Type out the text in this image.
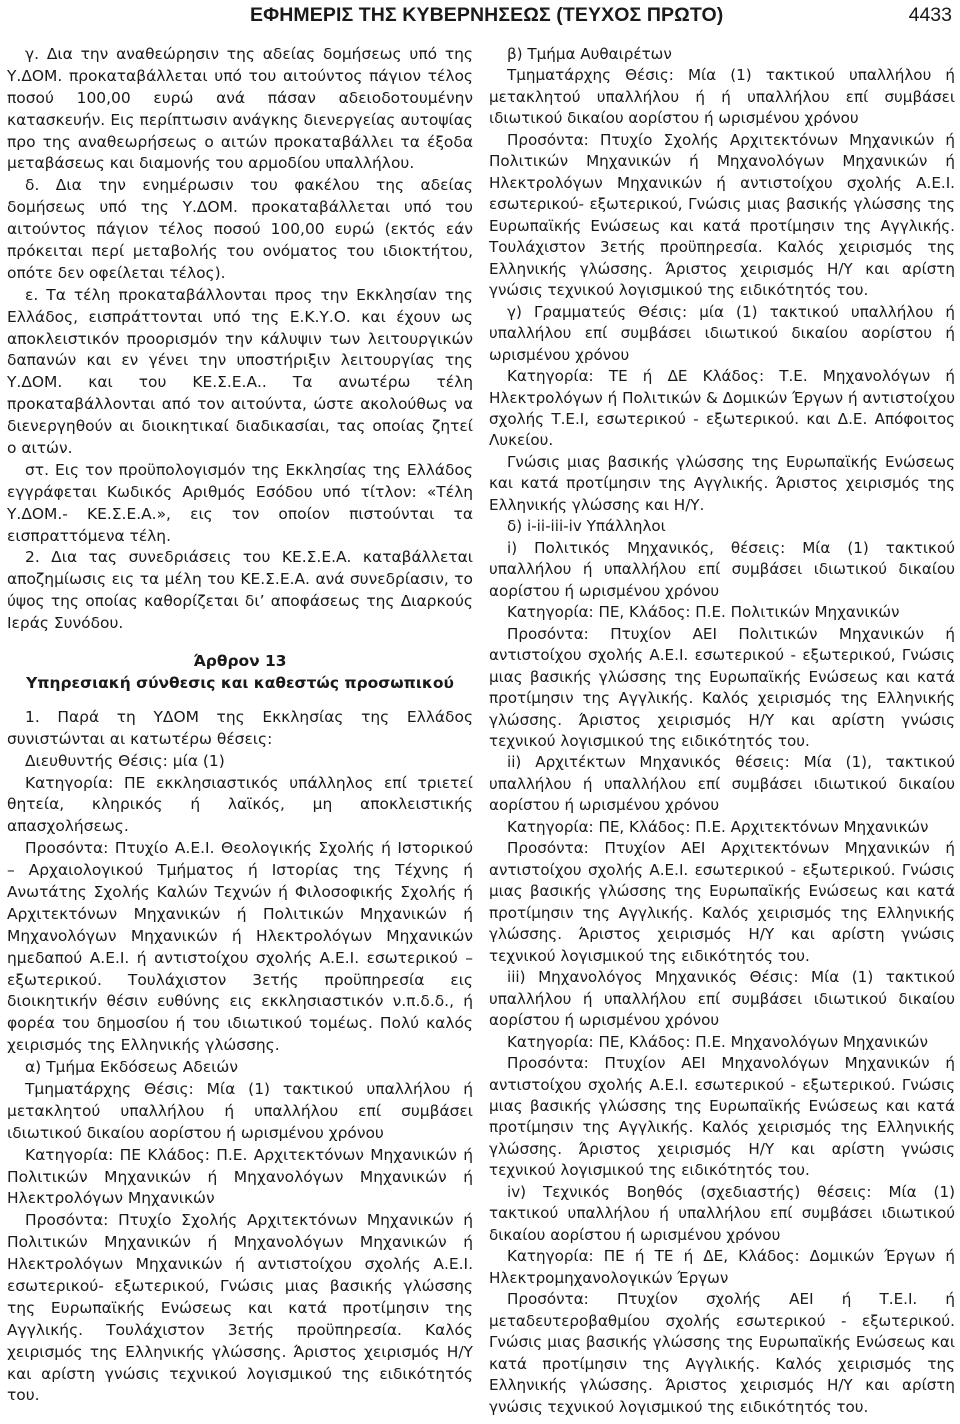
ΕΦΗΜΕΡΙΣ ΤΗΣ ΚΥΒΕΡΝΗΣΕΩΣ (ΤΕΥΧΟΣ ΠΡΩΤΟ)	4433

γ. Δια την αναθεώρησιν της αδείας δομήσεως υπό της Υ.ΔΟΜ. προκαταβάλλεται υπό του αιτούντος πάγιον τέλος ποσού 100,00 ευρώ ανά πάσαν αδειοδοτουμένην κατασκευήν. Εις περίπτωσιν ανάγκης διενεργείας αυτοψίας προ της αναθεωρήσεως ο αιτών προκαταβάλλει τα έξοδα μεταβάσεως και διαμονής του αρμοδίου υπαλλήλου.

δ. Δια την ενημέρωσιν του φακέλου της αδείας δομήσεως υπό της Υ.ΔΟΜ. προκαταβάλλεται υπό του αιτούντος πάγιον τέλος ποσού 100,00 ευρώ (εκτός εάν πρόκειται περί μεταβολής του ονόματος του ιδιοκτήτου, οπότε δεν οφείλεται τέλος).

ε. Τα τέλη προκαταβάλλονται προς την Εκκλησίαν της Ελλάδος, εισπράττονται υπό της Ε.Κ.Υ.Ο. και έχουν ως αποκλειστικόν προορισμόν την κάλυψιν των λειτουργικών δαπανών και εν γένει την υποστήριξιν λειτουργίας της Υ.ΔΟΜ. και του ΚΕ.Σ.Ε.Α.. Τα ανωτέρω τέλη προκαταβάλλονται από τον αιτούντα, ώστε ακολούθως να διενεργηθούν αι διοικητικαί διαδικασίαι, τας οποίας ζητεί ο αιτών.

στ. Εις τον προϋπολογισμόν της Εκκλησίας της Ελλάδος εγγράφεται Κωδικός Αριθμός Εσόδου υπό τίτλον: «Τέλη Υ.ΔΟΜ.- ΚΕ.Σ.Ε.Α.», εις τον οποίον πιστούνται τα εισπραττόμενα τέλη.

2. Δια τας συνεδριάσεις του ΚΕ.Σ.Ε.Α. καταβάλλεται αποζημίωσις εις τα μέλη του ΚΕ.Σ.Ε.Α. ανά συνεδρίασιν, το ύψος της οποίας καθορίζεται διʼ αποφάσεως της Διαρκούς Ιεράς Συνόδου.

Άρθρον 13

Υπηρεσιακή σύνθεσις και καθεστώς προσωπικού

1. Παρά τη ΥΔΟΜ της Εκκλησίας της Ελλάδος συνιστώνται αι κατωτέρω θέσεις:

Διευθυντής Θέσις: μία (1)

Κατηγορία: ΠΕ εκκλησιαστικός υπάλληλος επί τριετεί θητεία, κληρικός ή λαϊκός, μη αποκλειστικής απασχολήσεως.

Προσόντα: Πτυχίο Α.Ε.Ι. Θεολογικής Σχολής ή Ιστορικού – Αρχαιολογικού Τμήματος ή Ιστορίας της Τέχνης ή Ανωτάτης Σχολής Καλών Τεχνών ή Φιλοσοφικής Σχολής ή Αρχιτεκτόνων Μηχανικών ή Πολιτικών Μηχανικών ή Μηχανολόγων Μηχανικών ή Ηλεκτρολόγων Μηχανικών ημεδαπού Α.Ε.Ι. ή αντιστοίχου σχολής Α.Ε.Ι. εσωτερικού – εξωτερικού. Τουλάχιστον 3ετής προϋπηρεσία εις διοικητικήν θέσιν ευθύνης εις εκκλησιαστικόν ν.π.δ.δ., ή φορέα του δημοσίου ή του ιδιωτικού τομέως. Πολύ καλός χειρισμός της Ελληνικής γλώσσης.

α) Τμήμα Εκδόσεως Αδειών

Τμηματάρχης Θέσις: Μία (1) τακτικού υπαλλήλου ή μετακλητού υπαλλήλου ή υπαλλήλου επί συμβάσει ιδιωτικού δικαίου αορίστου ή ωρισμένου χρόνου

Κατηγορία: ΠΕ Κλάδος: Π.Ε. Αρχιτεκτόνων Μηχανικών ή Πολιτικών Μηχανικών ή Μηχανολόγων Μηχανικών ή Ηλεκτρολόγων Μηχανικών

Προσόντα: Πτυχίο Σχολής Αρχιτεκτόνων Μηχανικών ή Πολιτικών Μηχανικών ή Μηχανολόγων Μηχανικών ή Ηλεκτρολόγων Μηχανικών ή αντιστοίχου σχολής Α.Ε.Ι. εσωτερικού- εξωτερικού, Γνώσις μιας βασικής γλώσσης της Ευρωπαϊκής Ενώσεως και κατά προτίμησιν της Αγγλικής. Τουλάχιστον 3ετής προϋπηρεσία. Καλός χειρισμός της Ελληνικής γλώσσης. Άριστος χειρισμός Η/Υ και αρίστη γνώσις τεχνικού λογισμικού της ειδικότητός του.

β) Τμήμα Αυθαιρέτων

Τμηματάρχης Θέσις: Μία (1) τακτικού υπαλλήλου ή μετακλητού υπαλλήλου ή ή υπαλλήλου επί συμβάσει ιδιωτικού δικαίου αορίστου ή ωρισμένου χρόνου

Προσόντα: Πτυχίο Σχολής Αρχιτεκτόνων Μηχανικών ή Πολιτικών Μηχανικών ή Μηχανολόγων Μηχανικών ή Ηλεκτρολόγων Μηχανικών ή αντιστοίχου σχολής Α.Ε.Ι. εσωτερικού- εξωτερικού, Γνώσις μιας βασικής γλώσσης της Ευρωπαϊκής Ενώσεως και κατά προτίμησιν της Αγγλικής. Τουλάχιστον 3ετής προϋπηρεσία. Καλός χειρισμός της Ελληνικής γλώσσης. Άριστος χειρισμός Η/Υ και αρίστη γνώσις τεχνικού λογισμικού της ειδικότητός του.

γ) Γραμματεύς Θέσις: μία (1) τακτικού υπαλλήλου ή υπαλλήλου επί συμβάσει ιδιωτικού δικαίου αορίστου ή ωρισμένου χρόνου

Κατηγορία: ΤΕ ή ΔΕ Κλάδος: Τ.Ε. Μηχανολόγων ή Ηλεκτρολόγων ή Πολιτικών & Δομικών Έργων ή αντιστοίχου σχολής Τ.Ε.Ι, εσωτερικού - εξωτερικού. και Δ.Ε. Απόφοιτος Λυκείου.

Γνώσις μιας βασικής γλώσσης της Ευρωπαϊκής Ενώσεως και κατά προτίμησιν της Αγγλικής. Άριστος χειρισμός της Ελληνικής γλώσσης και Η/Υ.

δ) i-ii-iii-iv Υπάλληλοι

i) Πολιτικός Μηχανικός, θέσεις: Μία (1) τακτικού υπαλλήλου ή υπαλλήλου επί συμβάσει ιδιωτικού δικαίου αορίστου ή ωρισμένου χρόνου

Κατηγορία: ΠΕ, Κλάδος: Π.Ε. Πολιτικών Μηχανικών

Προσόντα: Πτυχίον ΑΕΙ Πολιτικών Μηχανικών ή αντιστοίχου σχολής Α.Ε.Ι. εσωτερικού - εξωτερικού, Γνώσις μιας βασικής γλώσσης της Ευρωπαϊκής Ενώσεως και κατά προτίμησιν της Αγγλικής. Καλός χειρισμός της Ελληνικής γλώσσης. Άριστος χειρισμός Η/Υ και αρίστη γνώσις τεχνικού λογισμικού της ειδικότητός του.

ii) Αρχιτέκτων Μηχανικός θέσεις: Μία (1), τακτικού υπαλλήλου ή υπαλλήλου επί συμβάσει ιδιωτικού δικαίου αορίστου ή ωρισμένου χρόνου

Κατηγορία: ΠΕ, Κλάδος: Π.Ε. Αρχιτεκτόνων Μηχανικών

Προσόντα: Πτυχίον ΑΕΙ Αρχιτεκτόνων Μηχανικών ή αντιστοίχου σχολής Α.Ε.Ι. εσωτερικού - εξωτερικού. Γνώσις μιας βασικής γλώσσης της Ευρωπαϊκής Ενώσεως και κατά προτίμησιν της Αγγλικής. Καλός χειρισμός της Ελληνικής γλώσσης. Άριστος χειρισμός Η/Υ και αρίστη γνώσις τεχνικού λογισμικού της ειδικότητός του.

iii) Μηχανολόγος Μηχανικός Θέσις: Μία (1) τακτικού υπαλλήλου ή υπαλλήλου επί συμβάσει ιδιωτικού δικαίου αορίστου ή ωρισμένου χρόνου

Κατηγορία: ΠΕ, Κλάδος: Π.Ε. Μηχανολόγων Μηχανικών

Προσόντα: Πτυχίον ΑΕΙ Μηχανολόγων Μηχανικών ή αντιστοίχου σχολής Α.Ε.Ι. εσωτερικού - εξωτερικού. Γνώσις μιας βασικής γλώσσης της Ευρωπαϊκής Ενώσεως και κατά προτίμησιν της Αγγλικής. Καλός χειρισμός της Ελληνικής γλώσσης. Άριστος χειρισμός Η/Υ και αρίστη γνώσις τεχνικού λογισμικού της ειδικότητός του.

iv) Τεχνικός Βοηθός (σχεδιαστής) θέσεις: Μία (1) τακτικού υπαλλήλου ή υπαλλήλου επί συμβάσει ιδιωτικού δικαίου αορίστου ή ωρισμένου χρόνου

Κατηγορία: ΠΕ ή ΤΕ ή ΔΕ, Κλάδος: Δομικών Έργων ή Ηλεκτρομηχανολογικών Έργων

Προσόντα: Πτυχίον σχολής ΑΕΙ ή Τ.Ε.Ι. ή μεταδευτεροβαθμίου σχολής εσωτερικού - εξωτερικού. Γνώσις μιας βασικής γλώσσης της Ευρωπαϊκής Ενώσεως και κατά προτίμησιν της Αγγλικής. Καλός χειρισμός της Ελληνικής γλώσσης. Άριστος χειρισμός Η/Υ και αρίστη γνώσις τεχνικού λογισμικού της ειδικότητός του.
